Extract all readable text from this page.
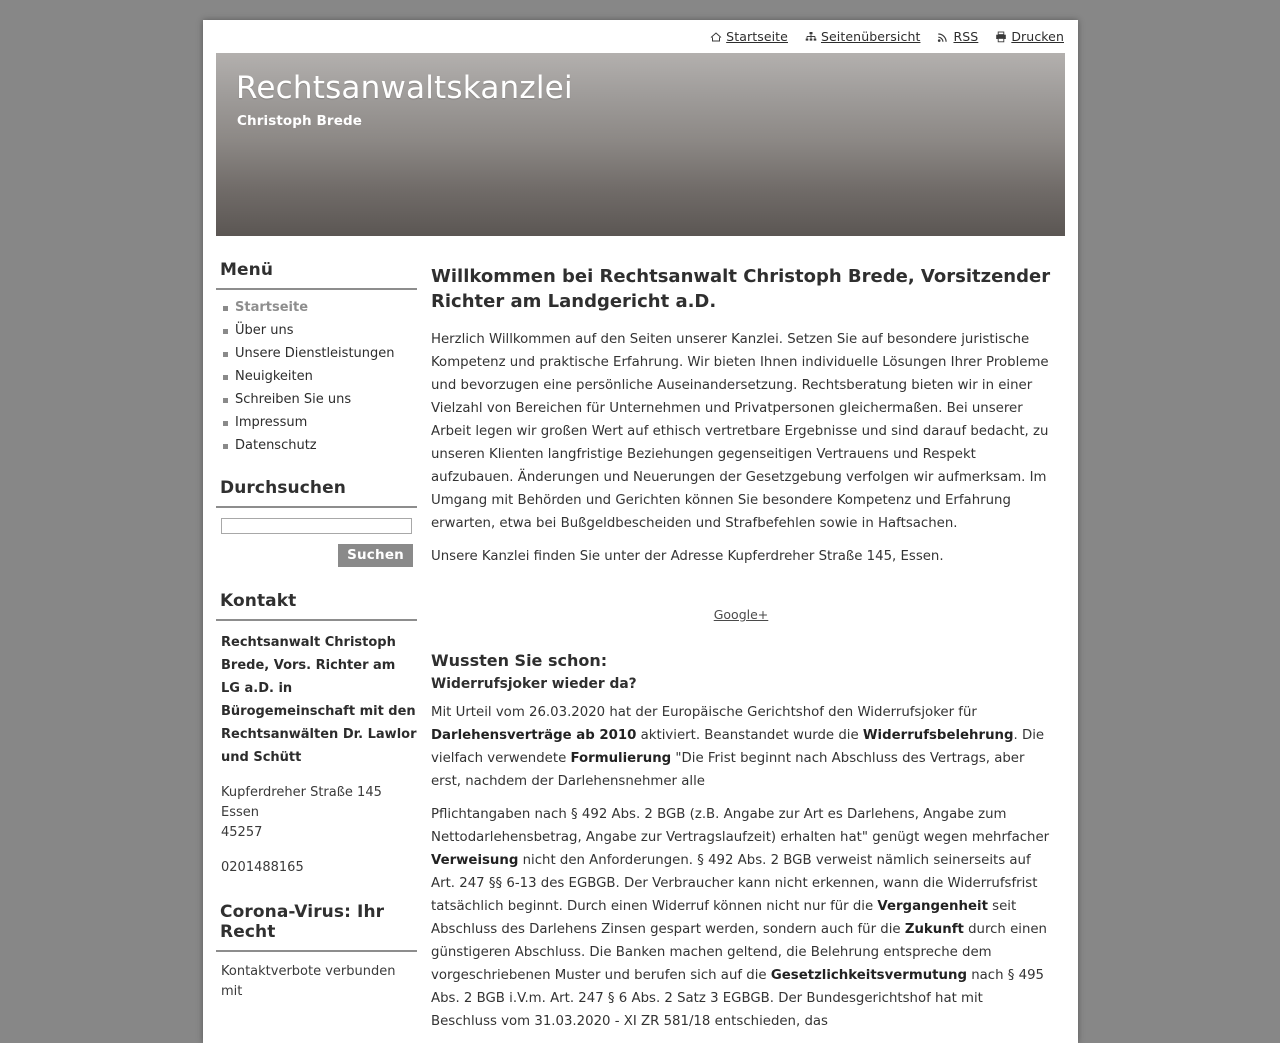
Startseite	Seitenübersicht	RSS	Drucken
Rechtsanwaltskanzlei
Christoph Brede
Menü
Startseite
Über uns
Unsere Dienstleistungen
Neuigkeiten
Schreiben Sie uns
Impressum
Datenschutz
Durchsuchen
Suchen
Kontakt
Rechtsanwalt Christoph Brede, Vors. Richter am LG a.D. in Bürogemeinschaft mit den Rechtsanwälten Dr. Lawlor und Schütt
Kupferdreher Straße 145
Essen
45257
0201488165
Corona-Virus: Ihr Recht
Kontaktverbote verbunden mit
Willkommen bei Rechtsanwalt Christoph Brede, Vorsitzender Richter am Landgericht a.D.

Herzlich Willkommen auf den Seiten unserer Kanzlei. Setzen Sie auf besondere juristische Kompetenz und praktische Erfahrung. Wir bieten Ihnen individuelle Lösungen Ihrer Probleme und bevorzugen eine persönliche Auseinandersetzung. Rechtsberatung bieten wir in einer Vielzahl von Bereichen für Unternehmen und Privatpersonen gleichermaßen. Bei unserer Arbeit legen wir großen Wert auf ethisch vertretbare Ergebnisse und sind darauf bedacht, zu unseren Klienten langfristige Beziehungen gegenseitigen Vertrauens und Respekt aufzubauen. Änderungen und Neuerungen der Gesetzgebung verfolgen wir aufmerksam. Im Umgang mit Behörden und Gerichten können Sie besondere Kompetenz und Erfahrung erwarten, etwa bei Bußgeldbescheiden und Strafbefehlen sowie in Haftsachen.

Unsere Kanzlei finden Sie unter der Adresse Kupferdreher Straße 145, Essen.

Google+
Wussten Sie schon:
Widerrufsjoker wieder da?

Mit Urteil vom 26.03.2020 hat der Europäische Gerichtshof den Widerrufsjoker für Darlehensverträge ab 2010 aktiviert. Beanstandet wurde die Widerrufsbelehrung. Die vielfach verwendete Formulierung "Die Frist beginnt nach Abschluss des Vertrags, aber erst, nachdem der Darlehensnehmer alle

Pflichtangaben nach § 492 Abs. 2 BGB (z.B. Angabe zur Art es Darlehens, Angabe zum Nettodarlehensbetrag, Angabe zur Vertragslaufzeit) erhalten hat" genügt wegen mehrfacher Verweisung nicht den Anforderungen. § 492 Abs. 2 BGB verweist nämlich seinerseits auf Art. 247 §§ 6-13 des EGBGB. Der Verbraucher kann nicht erkennen, wann die Widerrufsfrist tatsächlich beginnt. Durch einen Widerruf können nicht nur für die Vergangenheit seit Abschluss des Darlehens Zinsen gespart werden, sondern auch für die Zukunft durch einen günstigeren Abschluss. Die Banken machen geltend, die Belehrung entspreche dem vorgeschriebenen Muster und berufen sich auf die Gesetzlichkeitsvermutung nach § 495 Abs. 2 BGB i.V.m. Art. 247 § 6 Abs. 2 Satz 3 EGBGB. Der Bundesgerichtshof hat mit Beschluss vom 31.03.2020 - XI ZR 581/18 entschieden, das
